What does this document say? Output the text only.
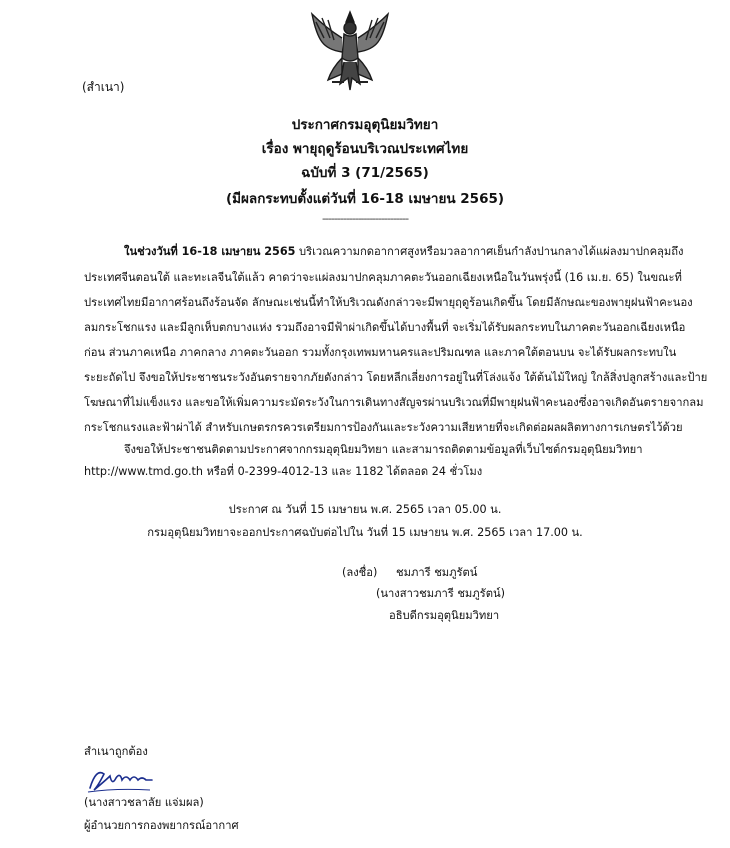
(สำเนา)
ประกาศกรมอุตุนิยมวิทยา
เรื่อง พายุฤดูร้อนบริเวณประเทศไทย
ฉบับที่ 3 (71/2565)
(มีผลกระทบตั้งแต่วันที่ 16-18 เมษายน 2565)
-----------------------------
ในช่วงวันที่ 16-18 เมษายน 2565 บริเวณความกดอากาศสูงหรือมวลอากาศเย็นกำลังปานกลางได้แผ่ลงมาปกคลุมถึง
ประเทศจีนตอนใต้ และทะเลจีนใต้แล้ว คาดว่าจะแผ่ลงมาปกคลุมภาคตะวันออกเฉียงเหนือในวันพรุ่งนี้ (16 เม.ย. 65) ในขณะที่
ประเทศไทยมีอากาศร้อนถึงร้อนจัด ลักษณะเช่นนี้ทำให้บริเวณดังกล่าวจะมีพายุฤดูร้อนเกิดขึ้น โดยมีลักษณะของพายุฝนฟ้าคะนอง
ลมกระโชกแรง และมีลูกเห็บตกบางแห่ง รวมถึงอาจมีฟ้าผ่าเกิดขึ้นได้บางพื้นที่ จะเริ่มได้รับผลกระทบในภาคตะวันออกเฉียงเหนือ
ก่อน ส่วนภาคเหนือ ภาคกลาง ภาคตะวันออก รวมทั้งกรุงเทพมหานครและปริมณฑล และภาคใต้ตอนบน จะได้รับผลกระทบใน
ระยะถัดไป จึงขอให้ประชาชนระวังอันตรายจากภัยดังกล่าว โดยหลีกเลี่ยงการอยู่ในที่โล่งแจ้ง ใต้ต้นไม้ใหญ่ ใกล้สิ่งปลูกสร้างและป้าย
โฆษณาที่ไม่แข็งแรง และขอให้เพิ่มความระมัดระวังในการเดินทางสัญจรผ่านบริเวณที่มีพายุฝนฟ้าคะนองซึ่งอาจเกิดอันตรายจากลม
กระโชกแรงและฟ้าผ่าได้ สำหรับเกษตรกรควรเตรียมการป้องกันและระวังความเสียหายที่จะเกิดต่อผลผลิตทางการเกษตรไว้ด้วย
จึงขอให้ประชาชนติดตามประกาศจากกรมอุตุนิยมวิทยา และสามารถติดตามข้อมูลที่เว็บไซต์กรมอุตุนิยมวิทยา
http://www.tmd.go.th หรือที่ 0-2399-4012-13 และ 1182 ได้ตลอด 24 ชั่วโมง
ประกาศ ณ วันที่ 15 เมษายน พ.ศ. 2565 เวลา 05.00 น.
กรมอุตุนิยมวิทยาจะออกประกาศฉบับต่อไปใน วันที่ 15 เมษายน พ.ศ. 2565 เวลา 17.00 น.
(ลงชื่อ) ชมภารี ชมภูรัตน์
(นางสาวชมภารี ชมภูรัตน์)
อธิบดีกรมอุตุนิยมวิทยา
สำเนาถูกต้อง
(นางสาวชลาลัย แจ่มผล)
ผู้อำนวยการกองพยากรณ์อากาศ
